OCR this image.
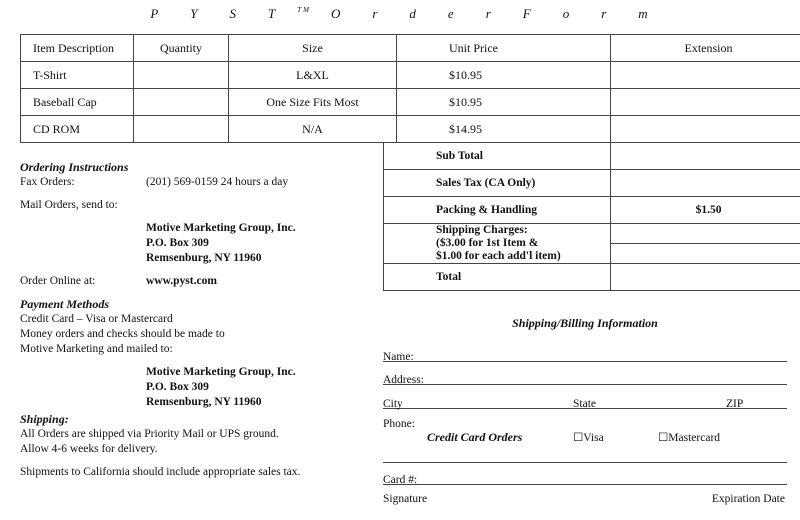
P Y S T	TM O r d e r F o r m
Item Description	Quantity	Size	Unit Price	Extension
T-Shirt		L&XL	$10.95	
Baseball Cap		One Size Fits Most	$10.95	
CD ROM		N/A	$14.95	
Sub Total	
Sales Tax (CA Only)	
Packing & Handling	$1.50

Shipping Charges:
($3.00 for 1st Item &
$1.00 for each add'l item)	

Total	
Ordering Instructions
Fax Orders:	(201) 569-0159 24 hours a day
Mail Orders, send to:
Motive Marketing Group, Inc.
P.O. Box 309
Remsenburg, NY 11960
Order Online at:	www.pyst.com
Payment Methods
Credit Card – Visa or Mastercard
Money orders and checks should be made to
Motive Marketing and mailed to:
Motive Marketing Group, Inc.
P.O. Box 309
Remsenburg, NY 11960
Shipping:
All Orders are shipped via Priority Mail or UPS ground.
Allow 4-6 weeks for delivery.
Shipments to California should include appropriate sales tax.
Shipping/Billing Information
Name:
Address:
City	State	ZIP
Phone:
Credit Card Orders	☐Visa	☐Mastercard
Card #:
Signature	Expiration Date
